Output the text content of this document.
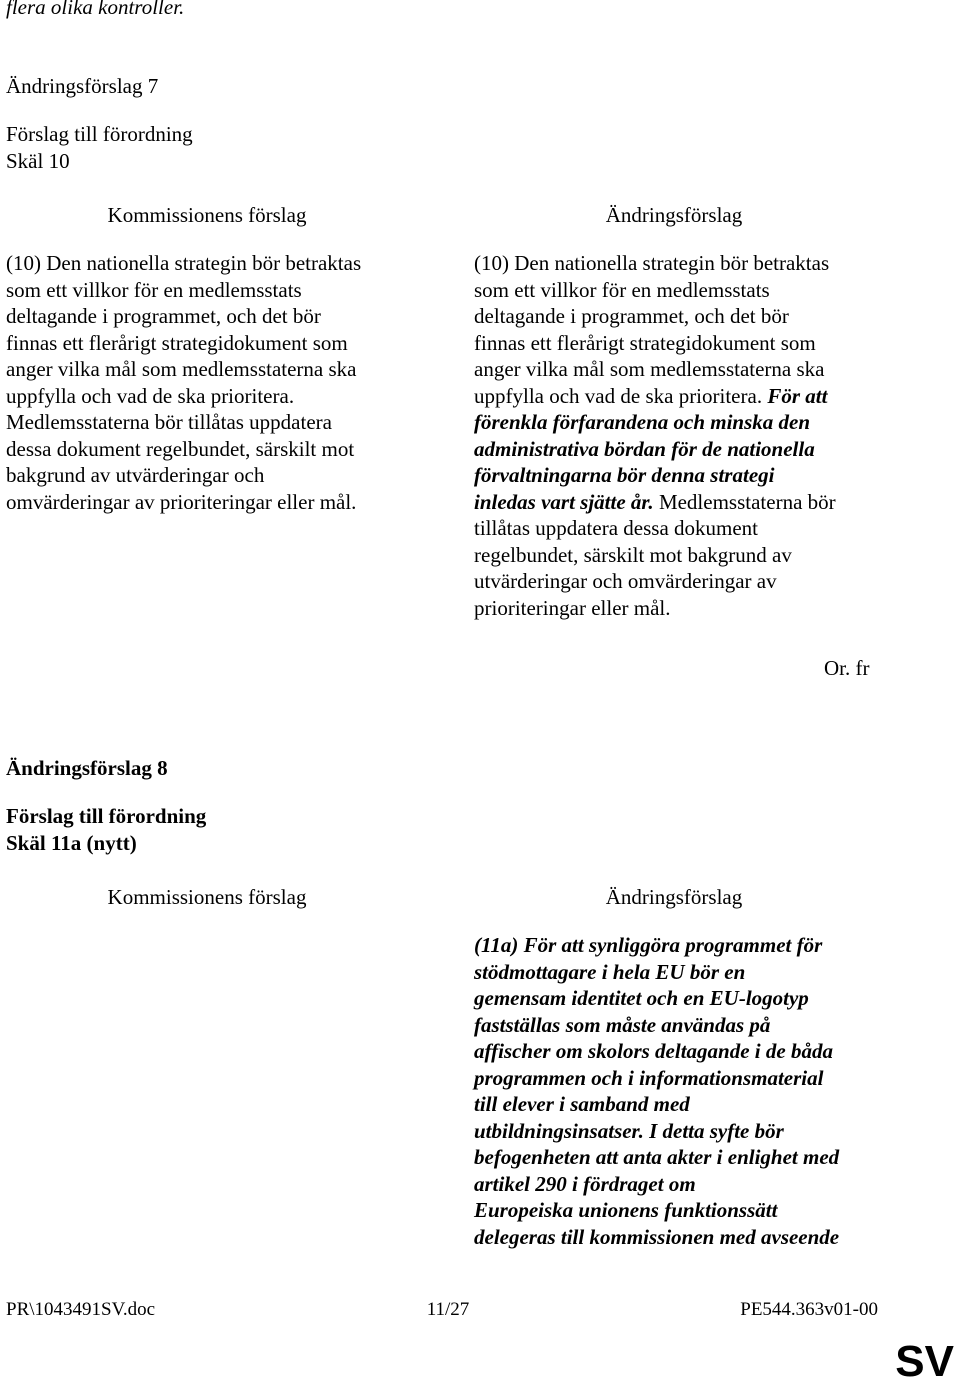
flera olika kontroller.
Ändringsförslag 7
Förslag till förordning
Skäl 10
Kommissionens förslag	Ändringsförslag
(10) Den nationella strategin bör betraktas
som ett villkor för en medlemsstats
deltagande i programmet, och det bör
finnas ett flerårigt strategidokument som
anger vilka mål som medlemsstaterna ska
uppfylla och vad de ska prioritera.
Medlemsstaterna bör tillåtas uppdatera
dessa dokument regelbundet, särskilt mot
bakgrund av utvärderingar och
omvärderingar av prioriteringar eller mål.
(10) Den nationella strategin bör betraktas
som ett villkor för en medlemsstats
deltagande i programmet, och det bör
finnas ett flerårigt strategidokument som
anger vilka mål som medlemsstaterna ska
uppfylla och vad de ska prioritera. För att
förenkla förfarandena och minska den
administrativa bördan för de nationella
förvaltningarna bör denna strategi
inledas vart sjätte år. Medlemsstaterna bör
tillåtas uppdatera dessa dokument
regelbundet, särskilt mot bakgrund av
utvärderingar och omvärderingar av
prioriteringar eller mål.
Or. fr
Ändringsförslag 8
Förslag till förordning
Skäl 11a (nytt)
Kommissionens förslag	Ändringsförslag
(11a) För att synliggöra programmet för
stödmottagare i hela EU bör en
gemensam identitet och en EU-logotyp
fastställas som måste användas på
affischer om skolors deltagande i de båda
programmen och i informationsmaterial
till elever i samband med
utbildningsinsatser. I detta syfte bör
befogenheten att anta akter i enlighet med
artikel 290 i fördraget om
Europeiska unionens funktionssätt
delegeras till kommissionen med avseende
PR\1043491SV.doc	11/27	PE544.363v01-00
SV
